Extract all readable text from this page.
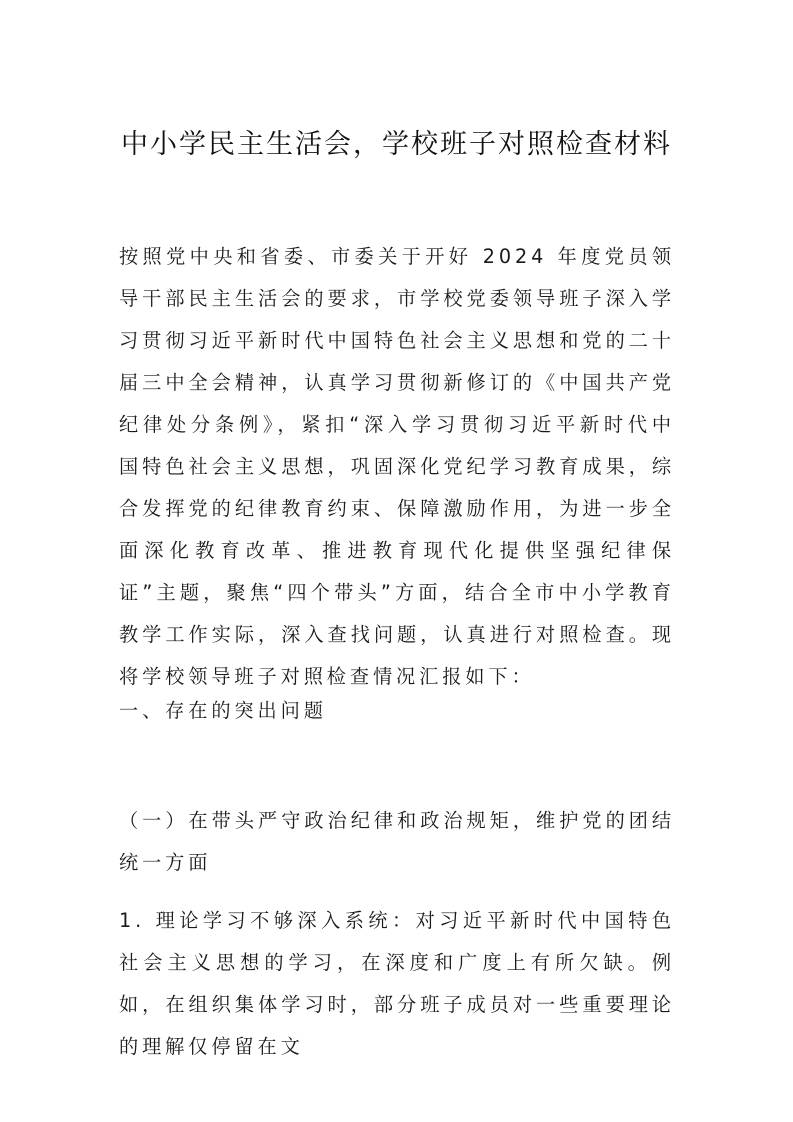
中小学民主生活会，学校班子对照检查材料

按照党中央和省委、市委关于开好 2024 年度党员领导干部民主生活会的要求，市学校党委领导班子深入学习贯彻习近平新时代中国特色社会主义思想和党的二十届三中全会精神，认真学习贯彻新修订的《中国共产党纪律处分条例》，紧扣“深入学习贯彻习近平新时代中国特色社会主义思想，巩固深化党纪学习教育成果，综合发挥党的纪律教育约束、保障激励作用，为进一步全面深化教育改革、推进教育现代化提供坚强纪律保证”主题，聚焦“四个带头”方面，结合全市中小学教育教学工作实际，深入查找问题，认真进行对照检查。现将学校领导班子对照检查情况汇报如下：

一、存在的突出问题

（一）在带头严守政治纪律和政治规矩，维护党的团结统一方面

1. 理论学习不够深入系统：对习近平新时代中国特色社会主义思想的学习，在深度和广度上有所欠缺。例如，在组织集体学习时，部分班子成员对一些重要理论的理解仅停留在文
